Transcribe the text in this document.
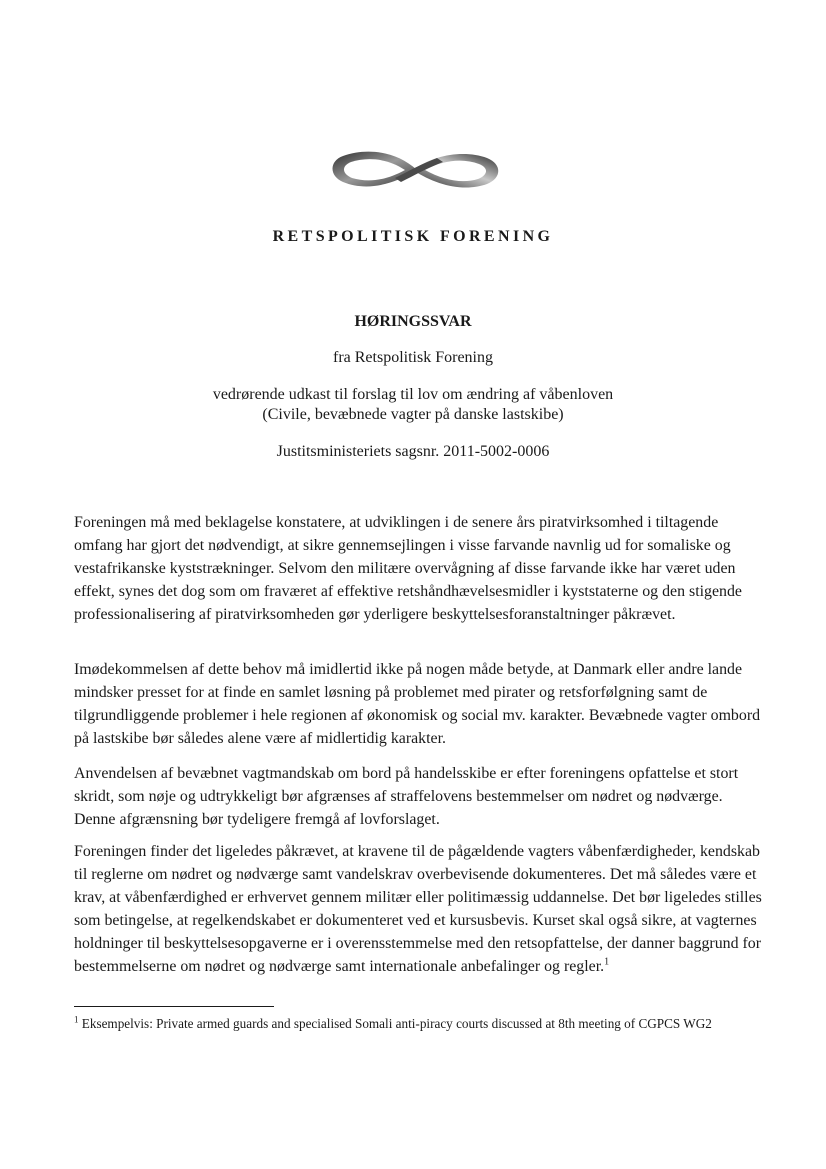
RETSPOLITISK FORENING
HØRINGSSVAR
fra Retspolitisk Forening
vedrørende udkast til forslag til lov om ændring af våbenloven
(Civile, bevæbnede vagter på danske lastskibe)
Justitsministeriets sagsnr. 2011-5002-0006
Foreningen må med beklagelse konstatere, at udviklingen i de senere års piratvirksomhed i tiltagende omfang har gjort det nødvendigt, at sikre gennemsejlingen i visse farvande navnlig ud for somaliske og vestafrikanske kyststrækninger. Selvom den militære overvågning af disse farvande ikke har været uden effekt, synes det dog som om fraværet af effektive retshåndhævelsesmidler i kyststaterne og den stigende professionalisering af piratvirksomheden gør yderligere beskyttelsesforanstaltninger påkrævet.
Imødekommelsen af dette behov må imidlertid ikke på nogen måde betyde, at Danmark eller andre lande mindsker presset for at finde en samlet løsning på problemet med pirater og retsforfølgning samt de tilgrundliggende problemer i hele regionen af økonomisk og social mv. karakter. Bevæbnede vagter ombord på lastskibe bør således alene være af midlertidig karakter.
Anvendelsen af bevæbnet vagtmandskab om bord på handelsskibe er efter foreningens opfattelse et stort skridt, som nøje og udtrykkeligt bør afgrænses af straffelovens bestemmelser om nødret og nødværge. Denne afgrænsning bør tydeligere fremgå af lovforslaget.
Foreningen finder det ligeledes påkrævet, at kravene til de pågældende vagters våbenfærdigheder, kendskab til reglerne om nødret og nødværge samt vandelskrav overbevisende dokumenteres. Det må således være et krav, at våbenfærdighed er erhvervet gennem militær eller politimæssig uddannelse. Det bør ligeledes stilles som betingelse, at regelkendskabet er dokumenteret ved et kursusbevis. Kurset skal også sikre, at vagternes holdninger til beskyttelsesopgaverne er i overensstemmelse med den retsopfattelse, der danner baggrund for bestemmelserne om nødret og nødværge samt internationale anbefalinger og regler.$^1$
$^1$ Eksempelvis: Private armed guards and specialised Somali anti-piracy courts discussed at 8th meeting of CGPCS WG2
